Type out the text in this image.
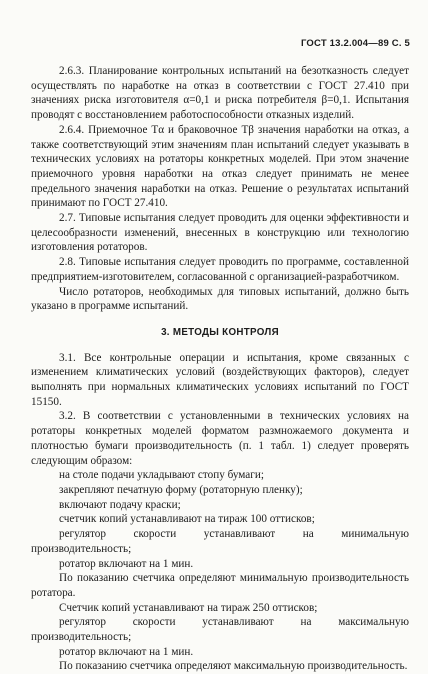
ГОСТ 13.2.004—89 С. 5

2.6.3. Планирование контрольных испытаний на безотказность следует осуществлять по наработке на отказ в соответствии с ГОСТ 27.410 при значениях риска изготовителя α=0,1 и риска потребителя β=0,1. Испытания проводят с восстановлением работоспособности отказных изделий.

2.6.4. Приемочное Tα и браковочное Tβ значения наработки на отказ, а также соответствующий этим значениям план испытаний следует указывать в технических условиях на ротаторы конкретных моделей. При этом значение приемочного уровня наработки на отказ следует принимать не менее предельного значения наработки на отказ. Решение о результатах испытаний принимают по ГОСТ 27.410.

2.7. Типовые испытания следует проводить для оценки эффективности и целесообразности изменений, внесенных в конструкцию или технологию изготовления ротаторов.

2.8. Типовые испытания следует проводить по программе, составленной предприятием-изготовителем, согласованной с организацией-разработчиком.

Число ротаторов, необходимых для типовых испытаний, должно быть указано в программе испытаний.

3. МЕТОДЫ КОНТРОЛЯ

3.1. Все контрольные операции и испытания, кроме связанных с изменением климатических условий (воздействующих факторов), следует выполнять при нормальных климатических условиях испытаний по ГОСТ 15150.

3.2. В соответствии с установленными в технических условиях на ротаторы конкретных моделей форматом размножаемого документа и плотностью бумаги производительность (п. 1 табл. 1) следует проверять следующим образом:

на столе подачи укладывают стопу бумаги;

закрепляют печатную форму (ротаторную пленку);

включают подачу краски;

счетчик копий устанавливают на тираж 100 оттисков;

регулятор скорости устанавливают на минимальную производительность;

ротатор включают на 1 мин.

По показанию счетчика определяют минимальную производительность ротатора.

Счетчик копий устанавливают на тираж 250 оттисков;

регулятор скорости устанавливают на максимальную производительность;

ротатор включают на 1 мин.

По показанию счетчика определяют максимальную производительность.
